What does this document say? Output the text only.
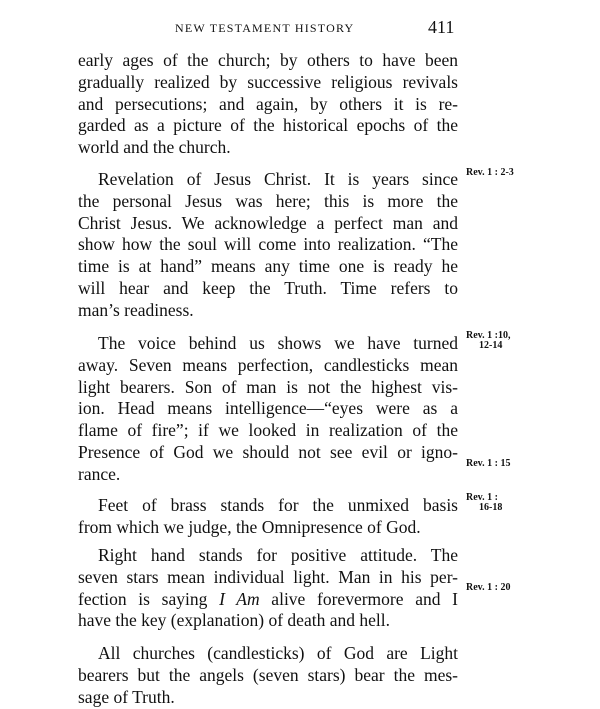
NEW TESTAMENT HISTORY	411
early ages of the church; by others to have been
gradually realized by successive religious revivals
and persecutions; and again, by others it is re-
garded as a picture of the historical epochs of the
world and the church.
Revelation of Jesus Christ. It is years since
the personal Jesus was here; this is more the
Christ Jesus. We acknowledge a perfect man and
show how the soul will come into realization. “The
time is at hand” means any time one is ready he
will hear and keep the Truth. Time refers to
man’s readiness.
The voice behind us shows we have turned
away. Seven means perfection, candlesticks mean
light bearers. Son of man is not the highest vis-
ion. Head means intelligence—“eyes were as a
flame of fire”; if we looked in realization of the
Presence of God we should not see evil or igno-
rance.
Feet of brass stands for the unmixed basis
from which we judge, the Omnipresence of God.
Right hand stands for positive attitude. The
seven stars mean individual light. Man in his per-
fection is saying I Am alive forevermore and I
have the key (explanation) of death and hell.
All churches (candlesticks) of God are Light
bearers but the angels (seven stars) bear the mes-
sage of Truth.
Rev. 1 : 2-3
Rev. 1 :10,
12-14
Rev. 1 : 15
Rev. 1 :
16-18
Rev. 1 : 20
